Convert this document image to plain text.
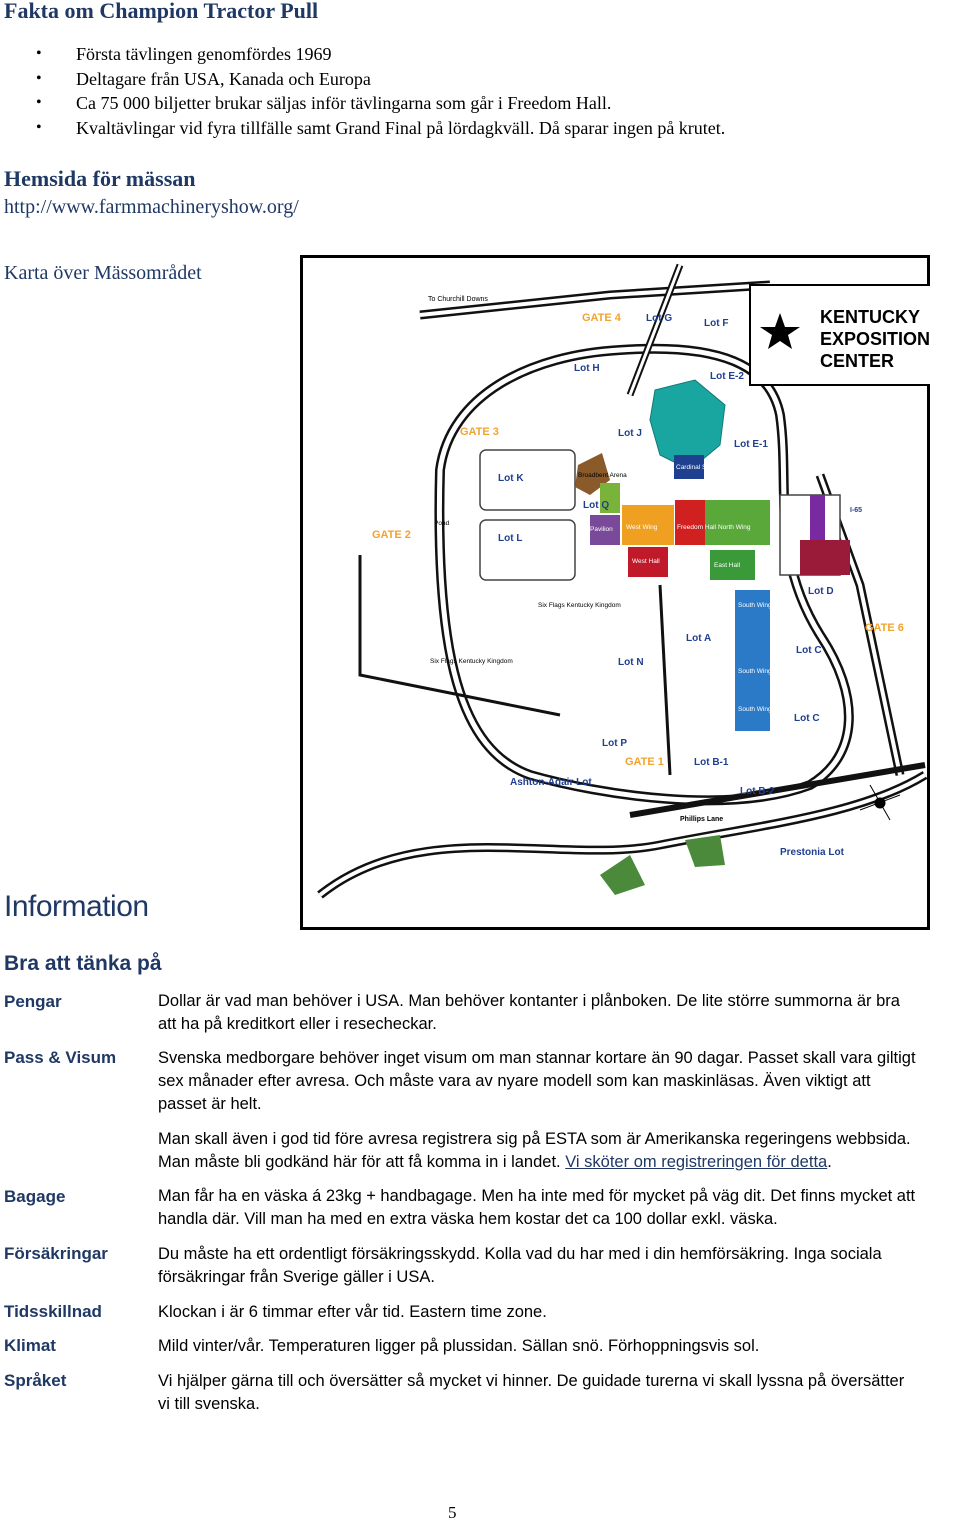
Fakta om Champion Tractor Pull
• Första tävlingen genomfördes 1969
• Deltagare från USA, Kanada och Europa
• Ca 75 000 biljetter brukar säljas inför tävlingarna som går i Freedom Hall.
• Kvaltävlingar vid fyra tillfälle samt Grand Final på lördagkväll. Då sparar ingen på krutet.
Hemsida för mässan
http://www.farmmachineryshow.org/
Karta över Mässområdet
KENTUCKY
EXPOSITION
CENTER
GATE 4
GATE 3
GATE 2
GATE 6
GATE 1
Lot G	Lot F
Lot H
Lot E-2
Lot J
Lot E-1
Lot K
Lot Q
Lot L
Lot D
Lot A
Lot N
Lot C
Lot C
Lot P
Lot B-1
Lot B-2
Ashton-Adair Lot
Prestonia Lot
Cardinal Stadium
Broadbent Arena
Pavilion West Wing	Freedom Hall North Wing
West Hall
East Hall
South Wing A
South Wing B
South Wing C
Six Flags Kentucky Kingdom
Six Flags Kentucky Kingdom
Pond
To Churchill Downs
Phillips Lane
I-65
Information
Bra att tänka på
Pengar	Dollar är vad man behöver i USA. Man behöver kontanter i plånboken. De lite större summorna är bra att ha på kreditkort eller i resecheckar.
Pass & Visum	Svenska medborgare behöver inget visum om man stannar kortare än 90 dagar. Passet skall vara giltigt sex månader efter avresa. Och måste vara av nyare modell som kan maskinläsas. Även viktigt att passet är helt.
Man skall även i god tid före avresa registrera sig på ESTA som är Amerikanska regeringens webbsida. Man måste bli godkänd här för att få komma in i landet. Vi sköter om registreringen för detta.
Bagage	Man får ha en väska á 23kg + handbagage. Men ha inte med för mycket på väg dit. Det finns mycket att handla där. Vill man ha med en extra väska hem kostar det ca 100 dollar exkl. väska.
Försäkringar	Du måste ha ett ordentligt försäkringsskydd. Kolla vad du har med i din hemförsäkring. Inga sociala försäkringar från Sverige gäller i USA.
Tidsskillnad	Klockan i är 6 timmar efter vår tid. Eastern time zone.
Klimat	Mild vinter/vår. Temperaturen ligger på plussidan. Sällan snö. Förhoppningsvis sol.
Språket	Vi hjälper gärna till och översätter så mycket vi hinner. De guidade turerna vi skall lyssna på översätter vi till svenska.
5
